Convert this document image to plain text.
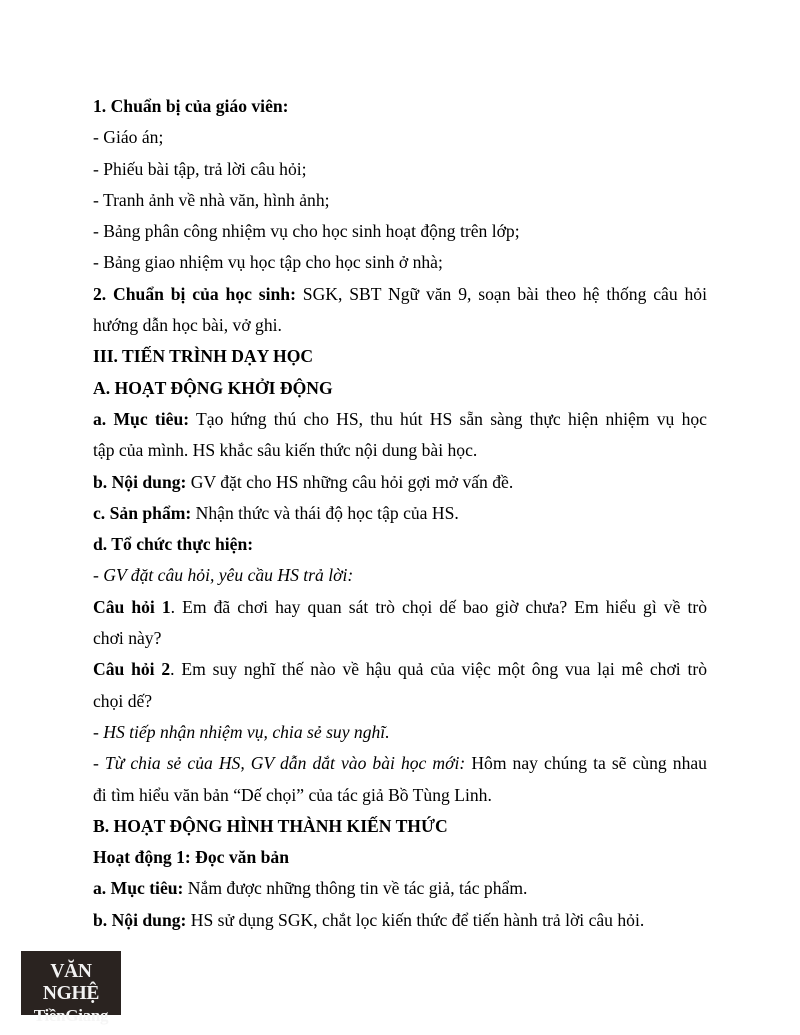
1. Chuẩn bị của giáo viên:

- Giáo án;

- Phiếu bài tập, trả lời câu hỏi;

- Tranh ảnh về nhà văn, hình ảnh;

- Bảng phân công nhiệm vụ cho học sinh hoạt động trên lớp;

- Bảng giao nhiệm vụ học tập cho học sinh ở nhà;

2. Chuẩn bị của học sinh: SGK, SBT Ngữ văn 9, soạn bài theo hệ thống câu hỏi

hướng dẫn học bài, vở ghi.

III. TIẾN TRÌNH DẠY HỌC

A. HOẠT ĐỘNG KHỞI ĐỘNG

a. Mục tiêu: Tạo hứng thú cho HS, thu hút HS sẵn sàng thực hiện nhiệm vụ học

tập của mình. HS khắc sâu kiến thức nội dung bài học.

b. Nội dung: GV đặt cho HS những câu hỏi gợi mở vấn đề.

c. Sản phẩm: Nhận thức và thái độ học tập của HS.

d. Tổ chức thực hiện:

- GV đặt câu hỏi, yêu cầu HS trả lời:

Câu hỏi 1. Em đã chơi hay quan sát trò chọi dế bao giờ chưa? Em hiểu gì về trò

chơi này?

Câu hỏi 2. Em suy nghĩ thế nào về hậu quả của việc một ông vua lại mê chơi trò

chọi dế?

- HS tiếp nhận nhiệm vụ, chia sẻ suy nghĩ.

- Từ chia sẻ của HS, GV dẫn dắt vào bài học mới: Hôm nay chúng ta sẽ cùng nhau

đi tìm hiểu văn bản “Dế chọi” của tác giả Bồ Tùng Linh.

B. HOẠT ĐỘNG HÌNH THÀNH KIẾN THỨC

Hoạt động 1: Đọc văn bản

a. Mục tiêu: Nắm được những thông tin về tác giả, tác phẩm.

b. Nội dung: HS sử dụng SGK, chắt lọc kiến thức để tiến hành trả lời câu hỏi.

VĂN NGHỆ
TiềnGiang
